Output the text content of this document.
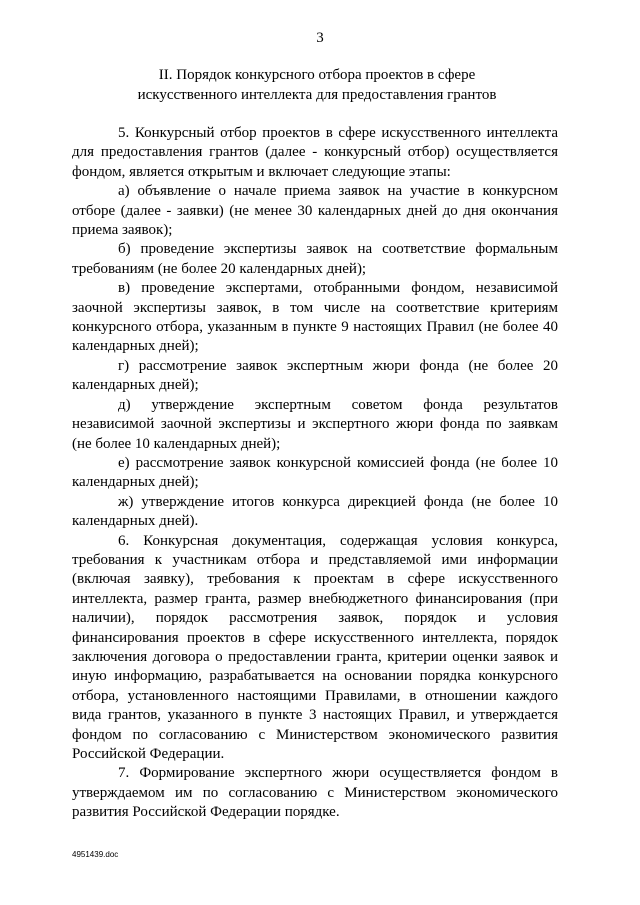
3
II. Порядок конкурсного отбора проектов в сфере
искусственного интеллекта для предоставления грантов

5. Конкурсный отбор проектов в сфере искусственного интеллекта для предоставления грантов (далее - конкурсный отбор) осуществляется фондом, является открытым и включает следующие этапы:

а) объявление о начале приема заявок на участие в конкурсном отборе (далее - заявки) (не менее 30 календарных дней до дня окончания приема заявок);

б) проведение экспертизы заявок на соответствие формальным требованиям (не более 20 календарных дней);

в) проведение экспертами, отобранными фондом, независимой заочной экспертизы заявок, в том числе на соответствие критериям конкурсного отбора, указанным в пункте 9 настоящих Правил (не более 40 календарных дней);

г) рассмотрение заявок экспертным жюри фонда (не более 20 календарных дней);

д) утверждение экспертным советом фонда результатов независимой заочной экспертизы и экспертного жюри фонда по заявкам (не более 10 календарных дней);

е) рассмотрение заявок конкурсной комиссией фонда (не более 10 календарных дней);

ж) утверждение итогов конкурса дирекцией фонда (не более 10 календарных дней).

6. Конкурсная документация, содержащая условия конкурса, требования к участникам отбора и представляемой ими информации (включая заявку), требования к проектам в сфере искусственного интеллекта, размер гранта, размер внебюджетного финансирования (при наличии), порядок рассмотрения заявок, порядок и условия финансирования проектов в сфере искусственного интеллекта, порядок заключения договора о предоставлении гранта, критерии оценки заявок и иную информацию, разрабатывается на основании порядка конкурсного отбора, установленного настоящими Правилами, в отношении каждого вида грантов, указанного в пункте 3 настоящих Правил, и утверждается фондом по согласованию с Министерством экономического развития Российской Федерации.

7. Формирование экспертного жюри осуществляется фондом в утверждаемом им по согласованию с Министерством экономического развития Российской Федерации порядке.

4951439.doc
